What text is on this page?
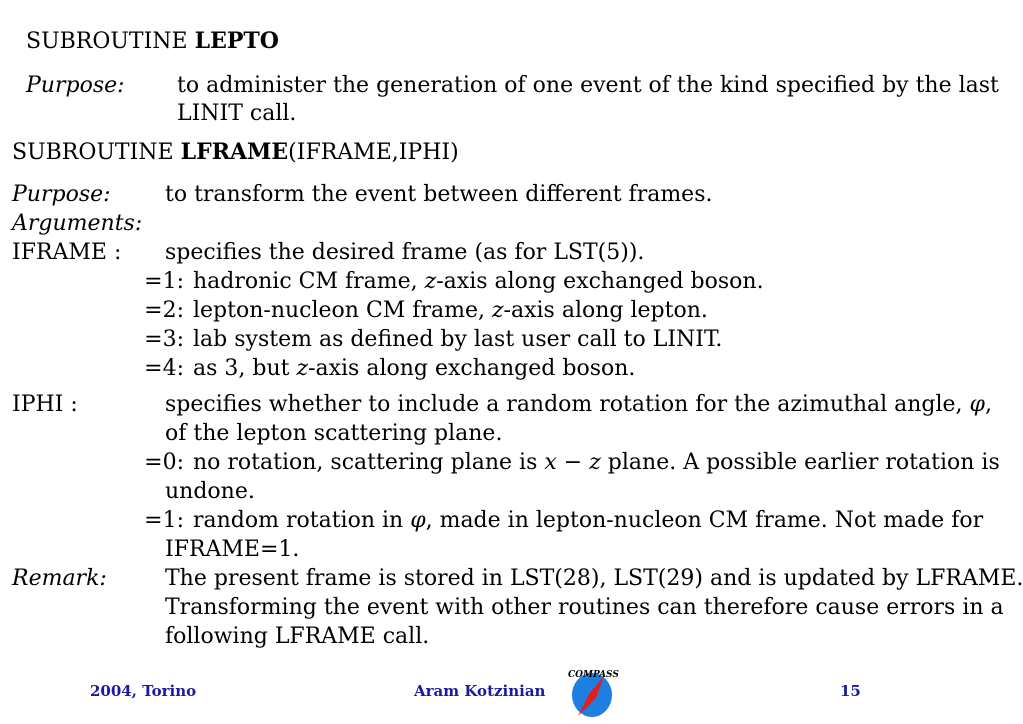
SUBROUTINE LEPTO
Purpose: to administer the generation of one event of the kind specified by the last
LINIT call.
SUBROUTINE LFRAME(IFRAME,IPHI)
Purpose: to transform the event between different frames.
Arguments:
IFRAME : specifies the desired frame (as for LST(5)).
=1: hadronic CM frame, z-axis along exchanged boson.
=2: lepton-nucleon CM frame, z-axis along lepton.
=3: lab system as defined by last user call to LINIT.
=4: as 3, but z-axis along exchanged boson.
IPHI :	specifies whether to include a random rotation for the azimuthal angle, φ,
of the lepton scattering plane.
=0: no rotation, scattering plane is x − z plane. A possible earlier rotation is
undone.
=1: random rotation in φ, made in lepton-nucleon CM frame. Not made for
IFRAME=1.
Remark:	The present frame is stored in LST(28), LST(29) and is updated by LFRAME.
Transforming the event with other routines can therefore cause errors in a
following LFRAME call.
2004, Torino	Aram Kotzinian	15
COMPASS
